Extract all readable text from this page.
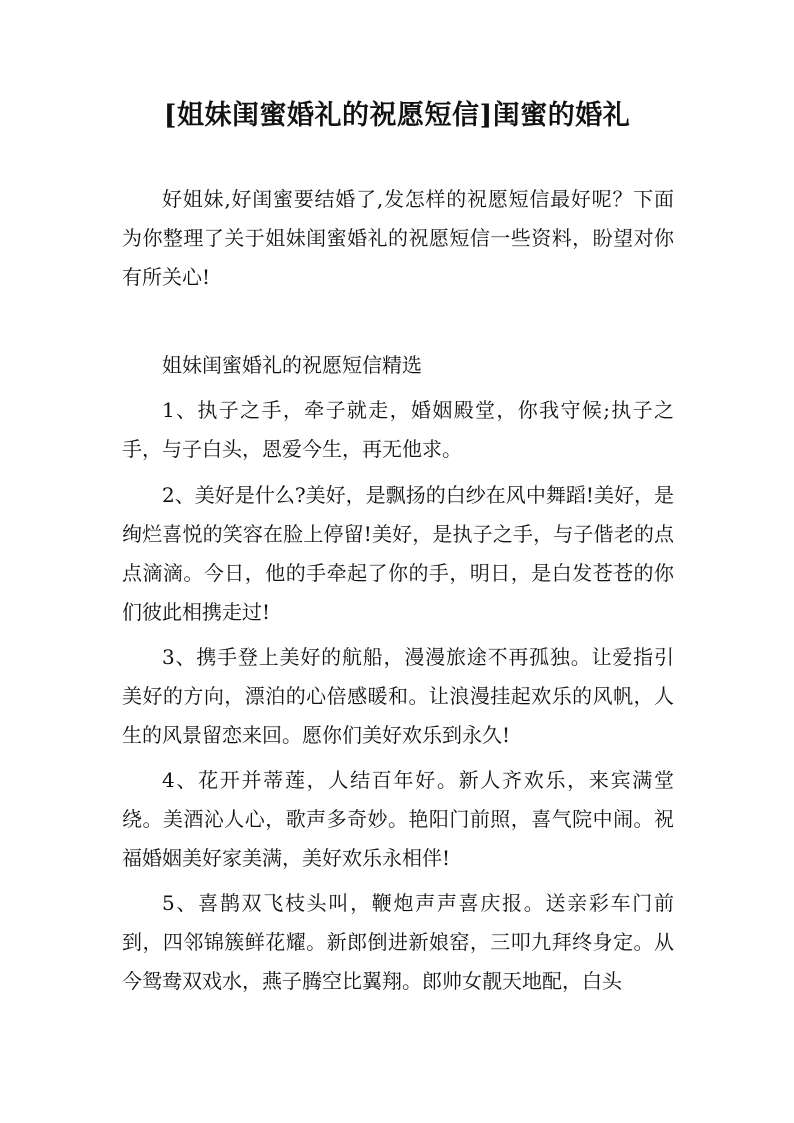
[姐妹闺蜜婚礼的祝愿短信]闺蜜的婚礼

好姐妹,好闺蜜要结婚了,发怎样的祝愿短信最好呢？下面为你整理了关于姐妹闺蜜婚礼的祝愿短信一些资料，盼望对你有所关心!

姐妹闺蜜婚礼的祝愿短信精选

1、执子之手，牵子就走，婚姻殿堂，你我守候;执子之手，与子白头，恩爱今生，再无他求。

2、美好是什么?美好，是飘扬的白纱在风中舞蹈!美好，是绚烂喜悦的笑容在脸上停留!美好，是执子之手，与子偕老的点点滴滴。今日，他的手牵起了你的手，明日，是白发苍苍的你们彼此相携走过!

3、携手登上美好的航船，漫漫旅途不再孤独。让爱指引美好的方向，漂泊的心倍感暖和。让浪漫挂起欢乐的风帆，人生的风景留恋来回。愿你们美好欢乐到永久!

4、花开并蒂莲，人结百年好。新人齐欢乐，来宾满堂绕。美酒沁人心，歌声多奇妙。艳阳门前照，喜气院中闹。祝福婚姻美好家美满，美好欢乐永相伴!

5、喜鹊双飞枝头叫，鞭炮声声喜庆报。送亲彩车门前到，四邻锦簇鲜花耀。新郎倒进新娘窑，三叩九拜终身定。从今鸳鸯双戏水，燕子腾空比翼翔。郎帅女靓天地配，白头
